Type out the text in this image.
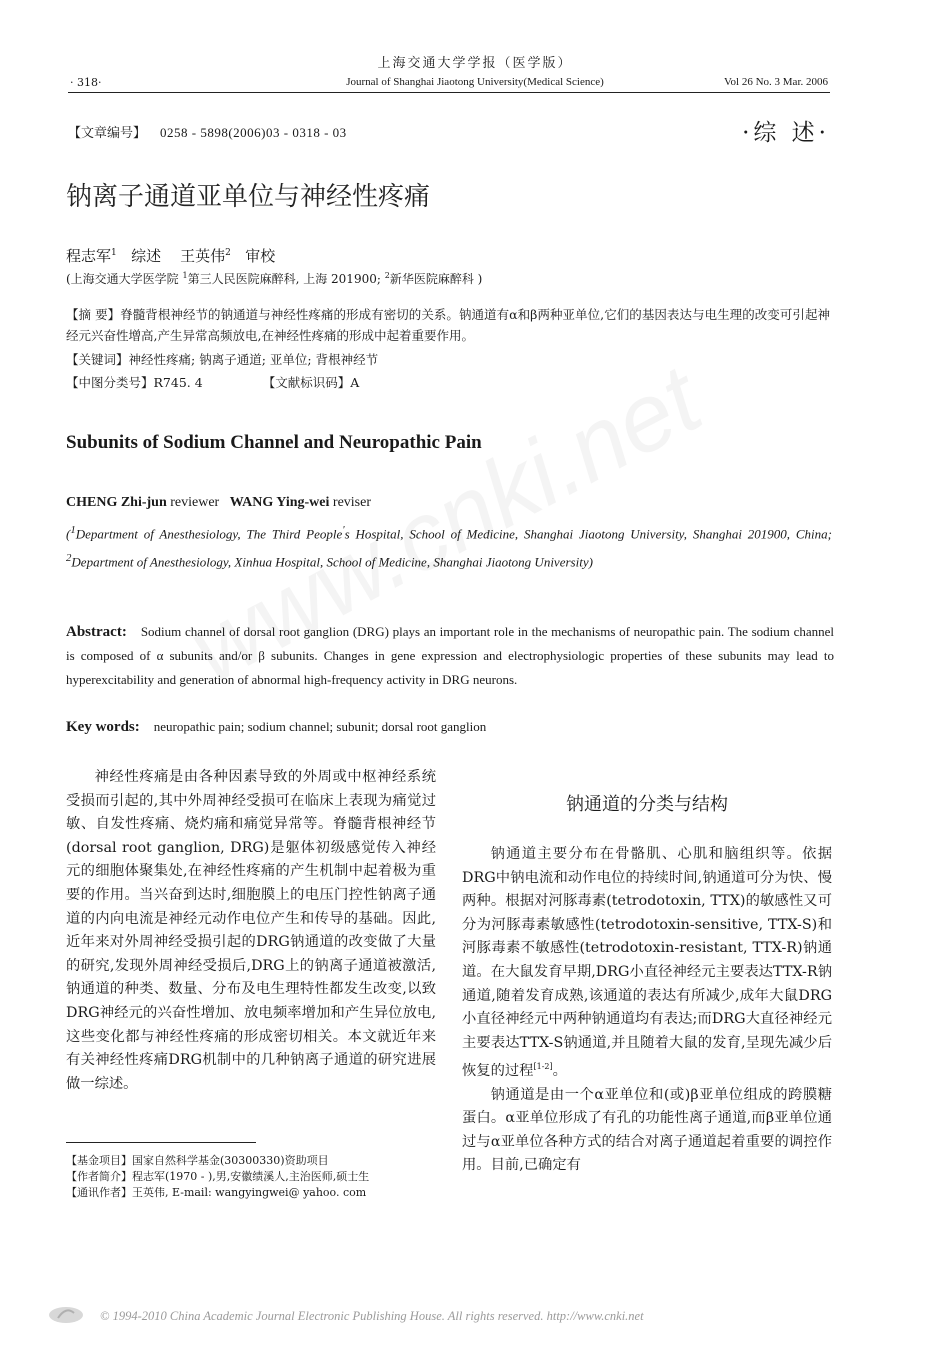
上海交通大学学报（医学版）
· 318·	Journal of Shanghai Jiaotong University(Medical Science)	Vol 26 No. 3 Mar. 2006
【文章编号】 0258 - 5898(2006)03 - 0318 - 03	·综 述·
钠离子通道亚单位与神经性疼痛
程志军$^1$ 综述 王英伟$^2$ 审校
(上海交通大学医学院 $^1$第三人民医院麻醉科, 上海 201900; $^2$新华医院麻醉科 )
【摘 要】脊髓背根神经节的钠通道与神经性疼痛的形成有密切的关系。钠通道有α和β两种亚单位,它们的基因表达与电生理的改变可引起神经元兴奋性增高,产生异常高频放电,在神经性疼痛的形成中起着重要作用。
【关键词】神经性疼痛; 钠离子通道; 亚单位; 背根神经节
【中图分类号】R745. 4	【文献标识码】A
Subunits of Sodium Channel and Neuropathic Pain
CHENG Zhi-jun reviewer WANG Ying-wei reviser
($^1$Department of Anesthesiology, The Third People's Hospital, School of Medicine, Shanghai Jiaotong University, Shanghai 201900, China; $^2$Department of Anesthesiology, Xinhua Hospital, School of Medicine, Shanghai Jiaotong University)
Abstract: Sodium channel of dorsal root ganglion (DRG) plays an important role in the mechanisms of neuropathic pain. The sodium channel is composed of α subunits and/or β subunits. Changes in gene expression and electrophysiologic properties of these subunits may lead to hyperexcitability and generation of abnormal high-frequency activity in DRG neurons.
Key words: neuropathic pain; sodium channel; subunit; dorsal root ganglion

神经性疼痛是由各种因素导致的外周或中枢神经系统受损而引起的,其中外周神经受损可在临床上表现为痛觉过敏、自发性疼痛、烧灼痛和痛觉异常等。脊髓背根神经节(dorsal root ganglion, DRG)是躯体初级感觉传入神经元的细胞体聚集处,在神经性疼痛的产生机制中起着极为重要的作用。当兴奋到达时,细胞膜上的电压门控性钠离子通道的内向电流是神经元动作电位产生和传导的基础。因此,近年来对外周神经受损引起的DRG钠通道的改变做了大量的研究,发现外周神经受损后,DRG上的钠离子通道被激活,钠通道的种类、数量、分布及电生理特性都发生改变,以致DRG神经元的兴奋性增加、放电频率增加和产生异位放电,这些变化都与神经性疼痛的形成密切相关。本文就近年来有关神经性疼痛DRG机制中的几种钠离子通道的研究进展做一综述。

钠通道的分类与结构

钠通道主要分布在骨骼肌、心肌和脑组织等。依据DRG中钠电流和动作电位的持续时间,钠通道可分为快、慢两种。根据对河豚毒素(tetrodotoxin, TTX)的敏感性又可分为河豚毒素敏感性(tetrodotoxin-sensitive, TTX-S)和河豚毒素不敏感性(tetrodotoxin-resistant, TTX-R)钠通道。在大鼠发育早期,DRG小直径神经元主要表达TTX-R钠通道,随着发育成熟,该通道的表达有所减少,成年大鼠DRG小直径神经元中两种钠通道均有表达;而DRG大直径神经元主要表达TTX-S钠通道,并且随着大鼠的发育,呈现先减少后恢复的过程[1-2]。

钠通道是由一个α亚单位和(或)β亚单位组成的跨膜糖蛋白。α亚单位形成了有孔的功能性离子通道,而β亚单位通过与α亚单位各种方式的结合对离子通道起着重要的调控作用。目前,已确定有

【基金项目】国家自然科学基金(30300330)资助项目
【作者简介】程志军(1970 - ),男,安徽绩溪人,主治医师,硕士生
【通讯作者】王英伟, E-mail: wangyingwei@ yahoo. com
© 1994-2010 China Academic Journal Electronic Publishing House. All rights reserved. http://www.cnki.net
